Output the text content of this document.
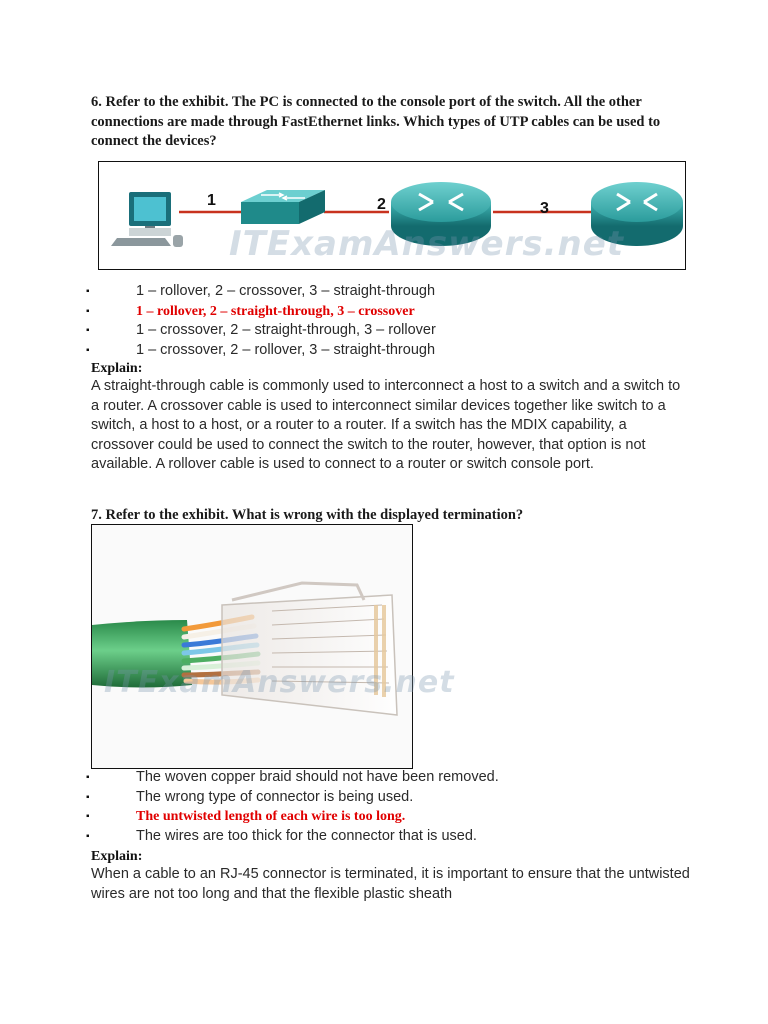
6. Refer to the exhibit. The PC is connected to the console port of the switch. All the other connections are made through FastEthernet links. Which types of UTP cables can be used to connect the devices?

1	2	3
ITExamAnswers.net
▪	1 – rollover, 2 – crossover, 3 – straight-through
▪	1 – rollover, 2 – straight-through, 3 – crossover
▪	1 – crossover, 2 – straight-through, 3 – rollover
▪	1 – crossover, 2 – rollover, 3 – straight-through

Explain:

A straight-through cable is commonly used to interconnect a host to a switch and a switch to a router. A crossover cable is used to interconnect similar devices together like switch to a switch, a host to a host, or a router to a router. If a switch has the MDIX capability, a crossover could be used to connect the switch to the router, however, that option is not available. A rollover cable is used to connect to a router or switch console port.

7. Refer to the exhibit. What is wrong with the displayed termination?

ITExamAnswers.net
▪	The woven copper braid should not have been removed.
▪	The wrong type of connector is being used.
▪	The untwisted length of each wire is too long.
▪	The wires are too thick for the connector that is used.

Explain:

When a cable to an RJ-45 connector is terminated, it is important to ensure that the untwisted wires are not too long and that the flexible plastic sheath
